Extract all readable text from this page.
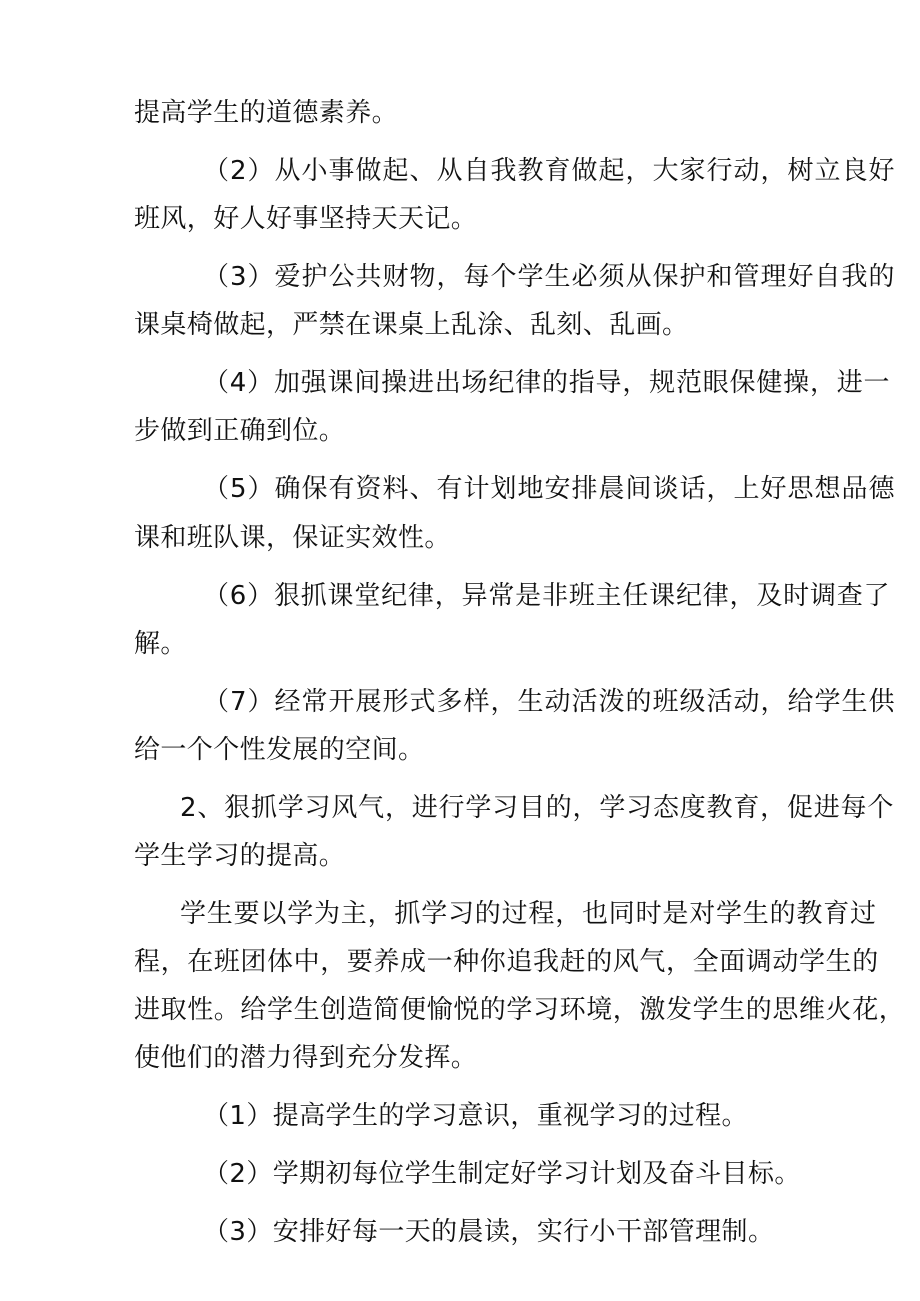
提高学生的道德素养。
（2）从小事做起、从自我教育做起，大家行动，树立良好
班风，好人好事坚持天天记。
（3）爱护公共财物，每个学生必须从保护和管理好自我的
课桌椅做起，严禁在课桌上乱涂、乱刻、乱画。
（4）加强课间操进出场纪律的指导，规范眼保健操，进一
步做到正确到位。
（5）确保有资料、有计划地安排晨间谈话，上好思想品德
课和班队课，保证实效性。
（6）狠抓课堂纪律，异常是非班主任课纪律，及时调查了
解。
（7）经常开展形式多样，生动活泼的班级活动，给学生供
给一个个性发展的空间。
2、狠抓学习风气，进行学习目的，学习态度教育，促进每个
学生学习的提高。
学生要以学为主，抓学习的过程，也同时是对学生的教育过
程，在班团体中，要养成一种你追我赶的风气，全面调动学生的
进取性。给学生创造简便愉悦的学习环境，激发学生的思维火花，
使他们的潜力得到充分发挥。
（1）提高学生的学习意识，重视学习的过程。
（2）学期初每位学生制定好学习计划及奋斗目标。
（3）安排好每一天的晨读，实行小干部管理制。
